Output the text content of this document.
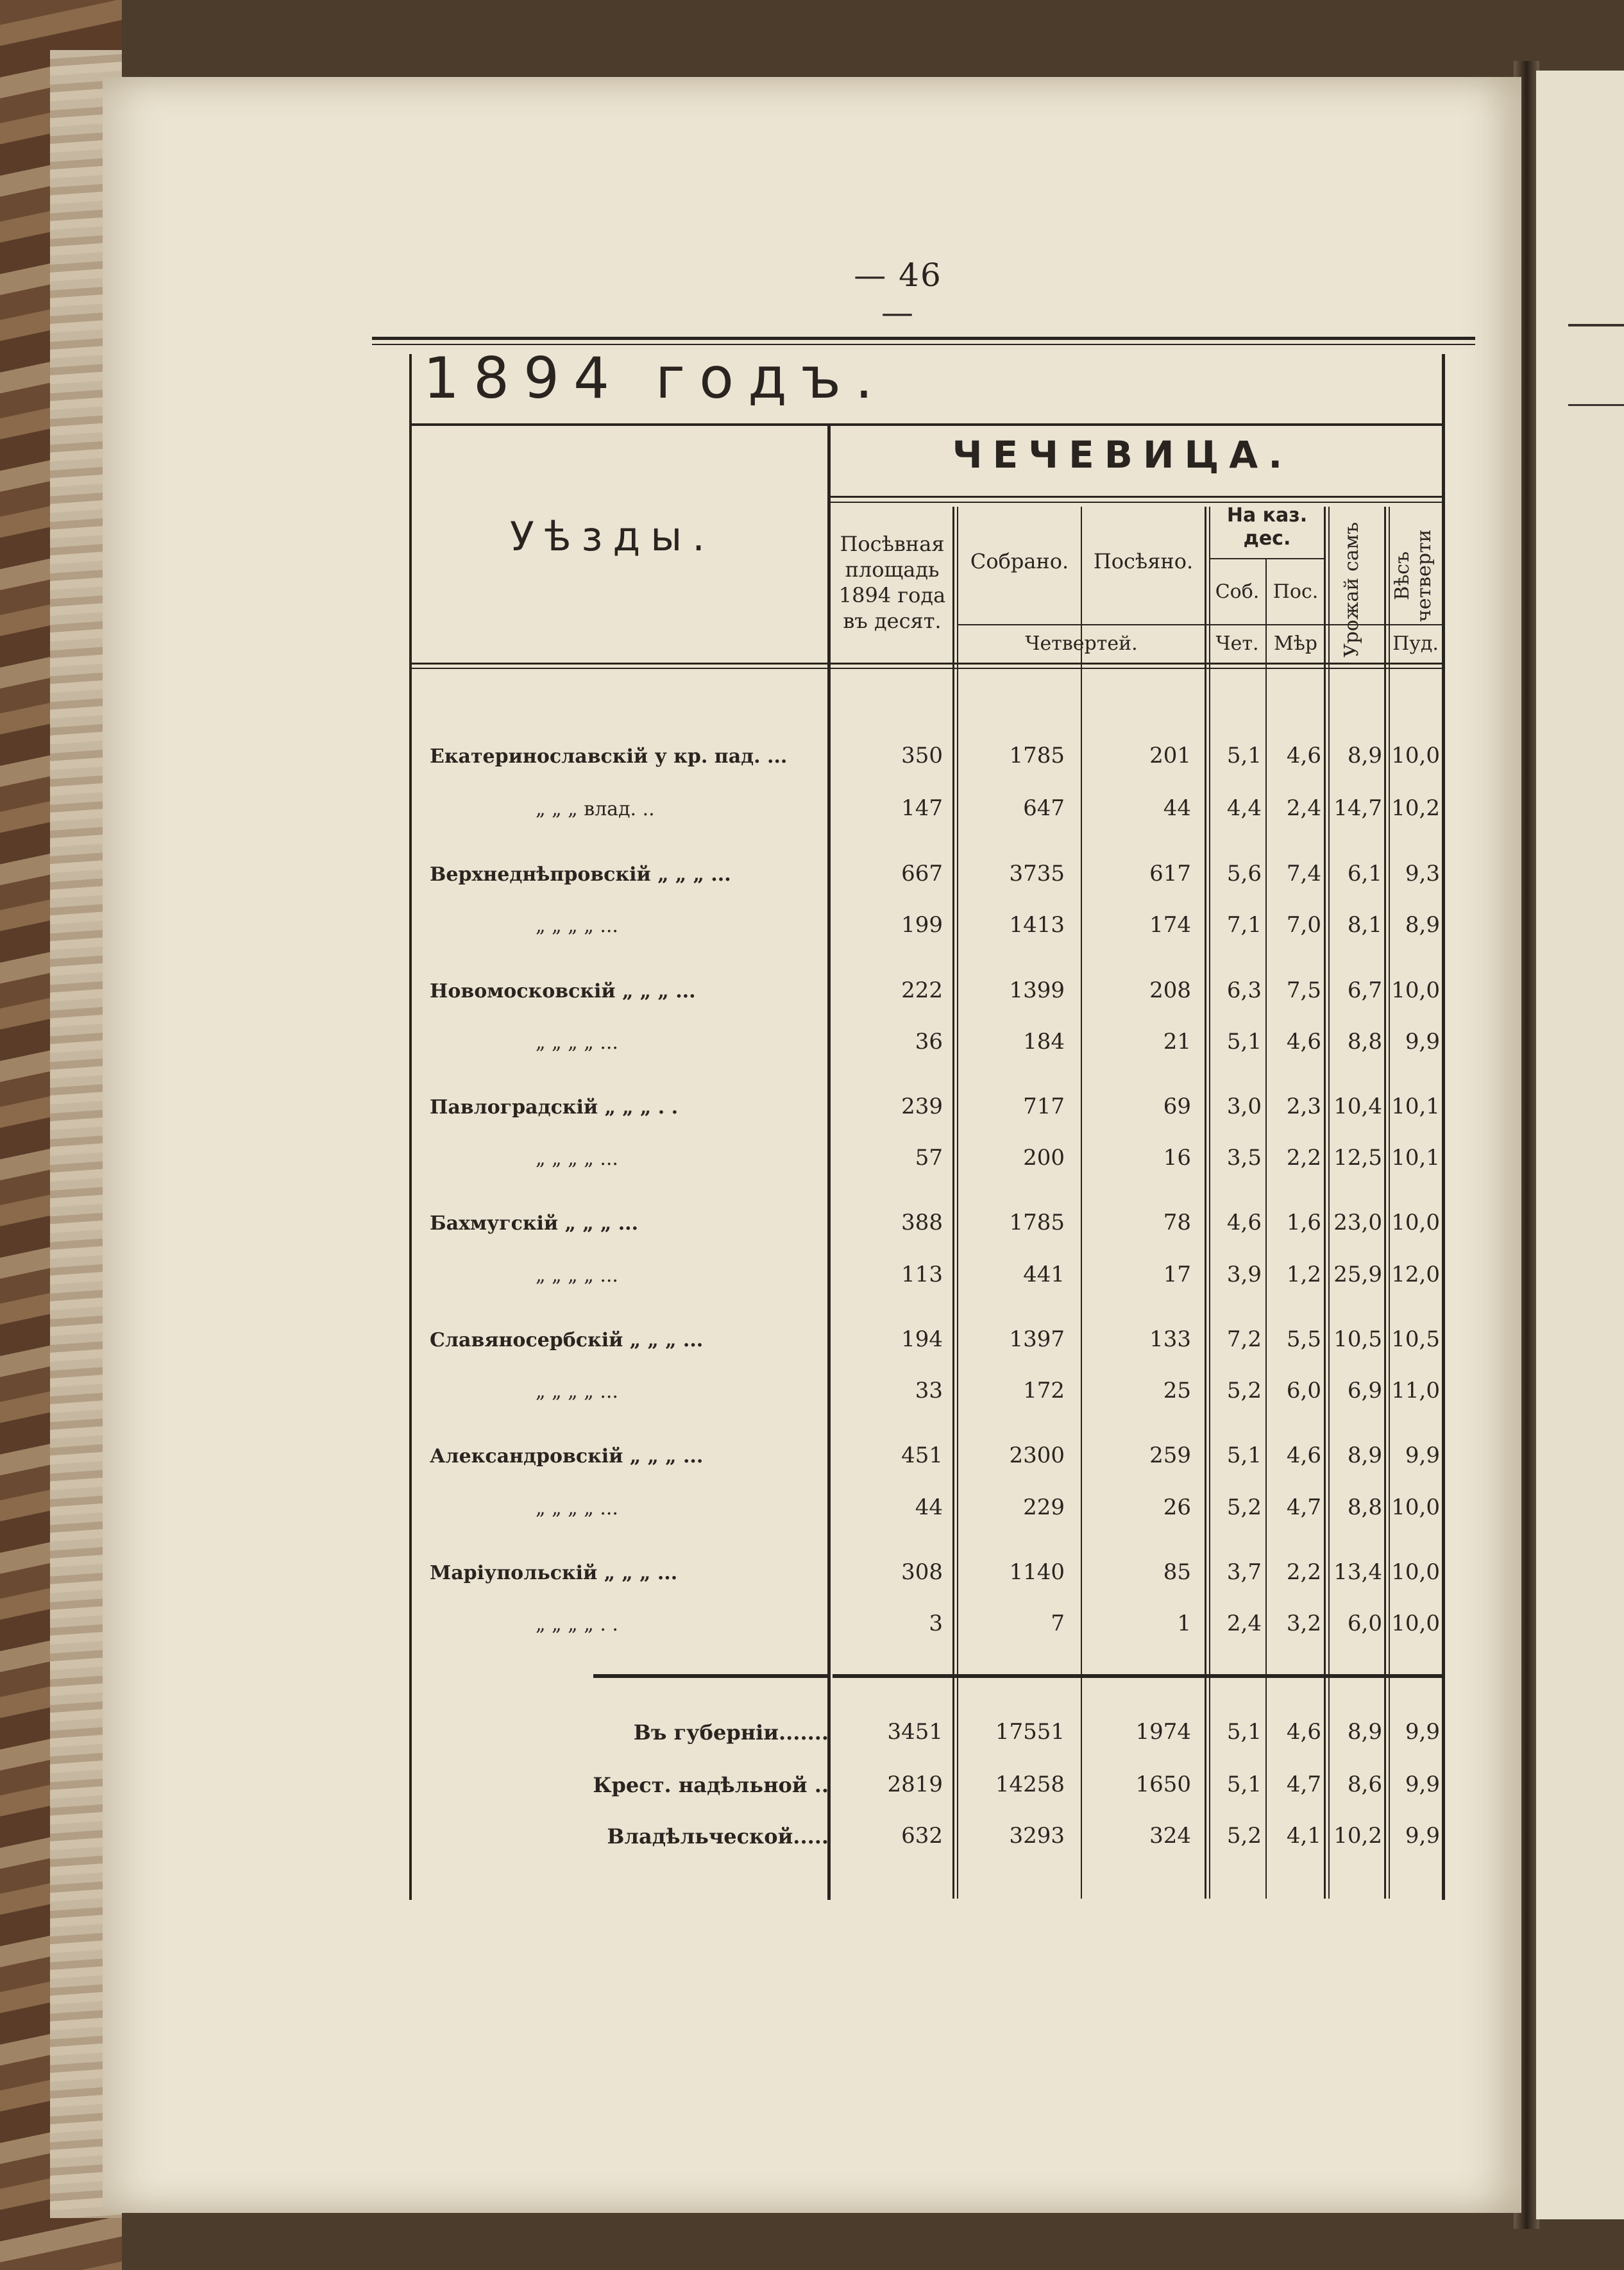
— 46 —
1894 годъ.
ЧЕЧЕВИЦА.
Уѣзды.	Посѣвная
площадь
1894 года
въ десят.
Собрано.	Посѣяно.
На каз.
дес.
Соб. Пос.	Урожай самъ Вѣсъ четверти
Четвертей.	Чет. Мѣр	Пуд.
Екатеринославскій у кр. пад. ...	350	1785	201 5,1 4,6 8,9 10,0
„ „ „ влад. ..	147	647	44 4,4 2,4 14,7 10,2
Верхнеднѣпровскій „ „ „ ...	667	3735	617 5,6 7,4 6,1 9,3
„ „ „ „ ...	199	1413	174 7,1 7,0 8,1 8,9
Новомосковскій „ „ „ ...	222	1399	208 6,3 7,5 6,7 10,0
„ „ „ „ ...	36	184	21 5,1 4,6 8,8 9,9
Павлоградскій „ „ „ . .	239	717	69 3,0 2,3 10,4 10,1
„ „ „ „ ...	57	200	16 3,5 2,2 12,5 10,1
Бахмугскій „ „ „ ...	388	1785	78 4,6 1,6 23,0 10,0
„ „ „ „ ...	113	441	17 3,9 1,2 25,9 12,0
Славяносербскій „ „ „ ...	194	1397	133 7,2 5,5 10,5 10,5
„ „ „ „ ...	33	172	25 5,2 6,0 6,9 11,0
Александровскій „ „ „ ...	451	2300	259 5,1 4,6 8,9 9,9
„ „ „ „ ...	44	229	26 5,2 4,7 8,8 10,0
Маріупольскій „ „ „ ...	308	1140	85 3,7 2,2 13,4 10,0
„ „ „ „ . .	3	7	1 2,4 3,2 6,0 10,0
Въ губерніи.......	3451 17551	1974 5,1 4,6 8,9 9,9
Крест. надѣльной ..	2819 14258	1650 5,1 4,7 8,6 9,9
Владѣльческой.....	632	3293	324 5,2 4,1 10,2 9,9
